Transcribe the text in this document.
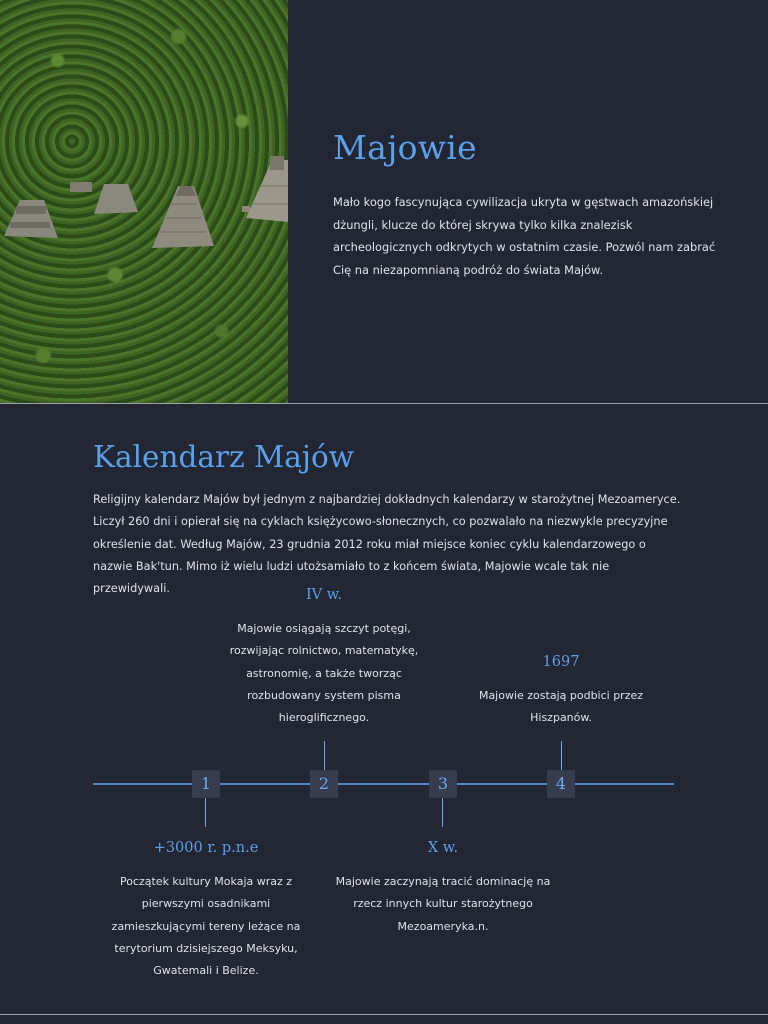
Majowie

Mało kogo fascynująca cywilizacja ukryta w gęstwach amazońskiej dżungli, klucze do której skrywa tylko kilka znalezisk archeologicznych odkrytych w ostatnim czasie. Pozwól nam zabrać Cię na niezapomnianą podróż do świata Majów.

Kalendarz Majów

Religijny kalendarz Majów był jednym z najbardziej dokładnych kalendarzy w starożytnej Mezoameryce. Liczył 260 dni i opierał się na cyklach księżycowo-słonecznych, co pozwalało na niezwykle precyzyjne określenie dat. Według Majów, 23 grudnia 2012 roku miał miejsce koniec cyklu kalendarzowego o nazwie Bak'tun. Mimo iż wielu ludzi utożsamiało to z końcem świata, Majowie wcale tak nie przewidywali.	IV w.
Majowie osiągają szczyt potęgi, rozwijając rolnictwo, matematykę, astronomię, a także tworząc rozbudowany system pisma hieroglificznego.
1697
Majowie zostają podbici przez Hiszpanów.
1	2	3	4
+3000 r. p.n.e
Początek kultury Mokaja wraz z pierwszymi osadnikami zamieszkującymi tereny leżące na terytorium dzisiejszego Meksyku, Gwatemali i Belize.
X w.
Majowie zaczynają tracić dominację na rzecz innych kultur starożytnego Mezoameryka.n.
